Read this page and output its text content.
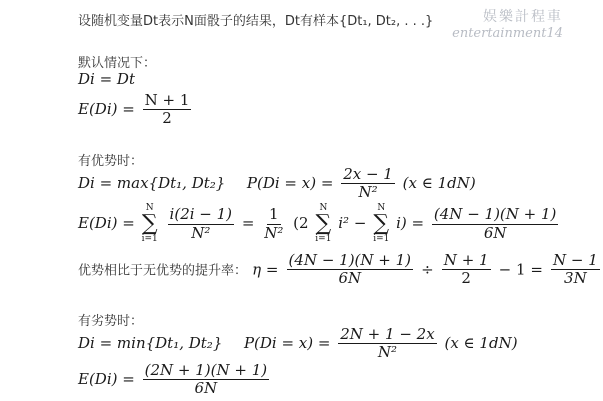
娱樂計程車
entertainment14
设随机变量Dt表示N面骰子的结果，Dt有样本{Dt₁, Dt₂, . . .}
默认情况下：
Di = Dt
$E(Di) = \frac{N + 1}{2}$
有优势时：
Di = max{Dt₁, Dt₂} $P(Di = x) = \frac{2x - 1}{\text{N²}} (x$ ∈ 1dN)
E(Di) =
N
∑
i=1
$\frac{i(2i - 1)}{\text{N²}} = \frac{1}{\text{N²}} (2$
N
∑
i=1
i² −
N
∑
i=1
$i) = \frac{(4N - 1)(N + 1)}{6N}$
优势相比于无优势的提升率： $\eta = \frac{(4N - 1)(N + 1)}{6N} \div \frac{N + 1}{2} - 1 = \frac{N - 1}{3N}$
有劣势时：
Di = min{Dt₁, Dt₂} $P(Di = x) = \frac{2N + 1 - 2x}{\text{N²}} (x$ ∈ 1dN)
$E(Di) = \frac{(2N + 1)(N + 1)}{6N}$
